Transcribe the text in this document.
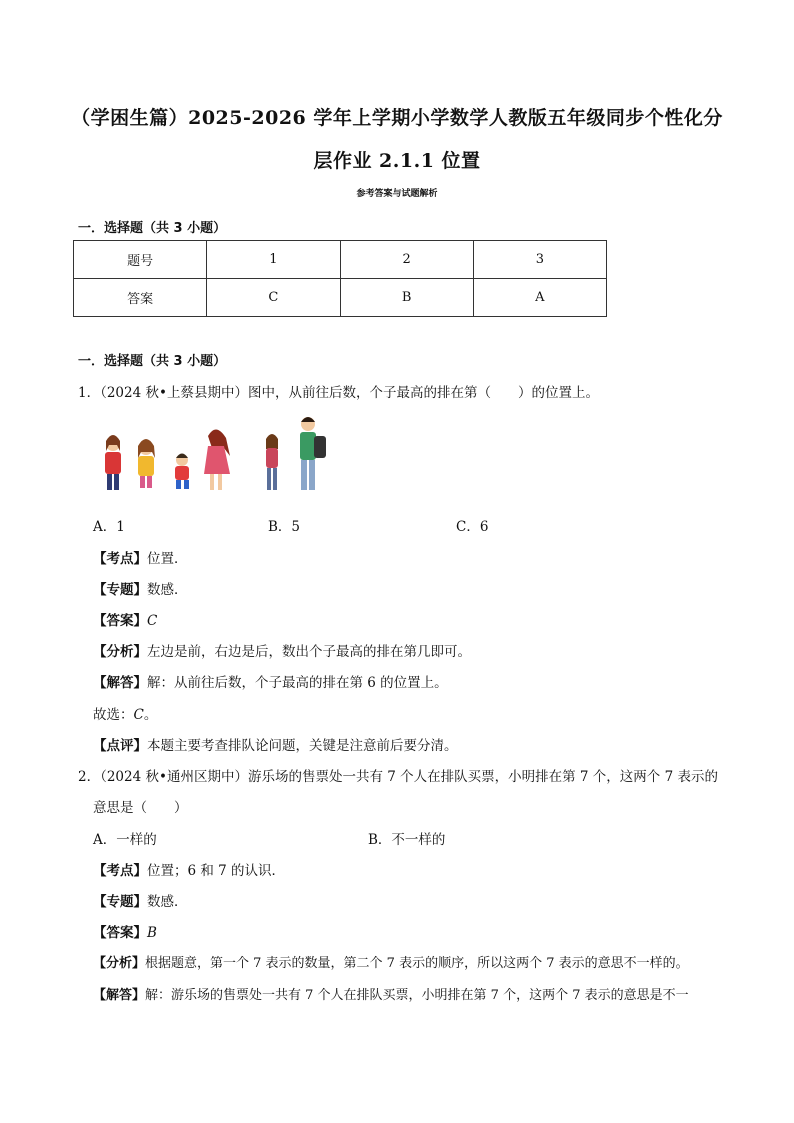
（学困生篇）2025-2026 学年上学期小学数学人教版五年级同步个性化分
层作业 2.1.1 位置
参考答案与试题解析
一．选择题（共 3 小题）
题号	1	2	3
答案	C	B	A
一．选择题（共 3 小题）
1．（2024 秋•上蔡县期中）图中，从前往后数，个子最高的排在第（　　）的位置上。
A．1	B．5	C．6
【考点】位置．
【专题】数感．
【答案】C
【分析】左边是前，右边是后，数出个子最高的排在第几即可。
【解答】解：从前往后数，个子最高的排在第 6 的位置上。
故选：C。
【点评】本题主要考查排队论问题，关键是注意前后要分清。
2．（2024 秋•通州区期中）游乐场的售票处一共有 7 个人在排队买票，小明排在第 7 个，这两个 7 表示的
意思是（　　）
A．一样的	B．不一样的
【考点】位置；6 和 7 的认识．
【专题】数感．
【答案】B
【分析】根据题意，第一个 7 表示的数量，第二个 7 表示的顺序，所以这两个 7 表示的意思不一样的。
【解答】解：游乐场的售票处一共有 7 个人在排队买票，小明排在第 7 个，这两个 7 表示的意思是不一
